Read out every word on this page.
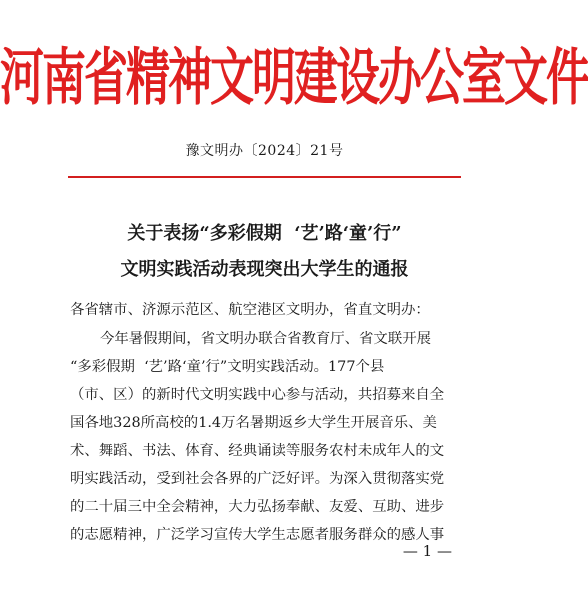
河南省精神文明建设办公室文件
豫文明办〔2024〕21号
关于表扬“多彩假期  ‘艺’路‘童’行”
文明实践活动表现突出大学生的通报
各省辖市、济源示范区、航空港区文明办，省直文明办：
今年暑假期间，省文明办联合省教育厅、省文联开展
“多彩假期  ‘艺’路‘童’行”文明实践活动。177个县
（市、区）的新时代文明实践中心参与活动，共招募来自全
国各地328所高校的1.4万名暑期返乡大学生开展音乐、美
术、舞蹈、书法、体育、经典诵读等服务农村未成年人的文
明实践活动，受到社会各界的广泛好评。为深入贯彻落实党
的二十届三中全会精神，大力弘扬奉献、友爱、互助、进步
的志愿精神，广泛学习宣传大学生志愿者服务群众的感人事
— 1 —
